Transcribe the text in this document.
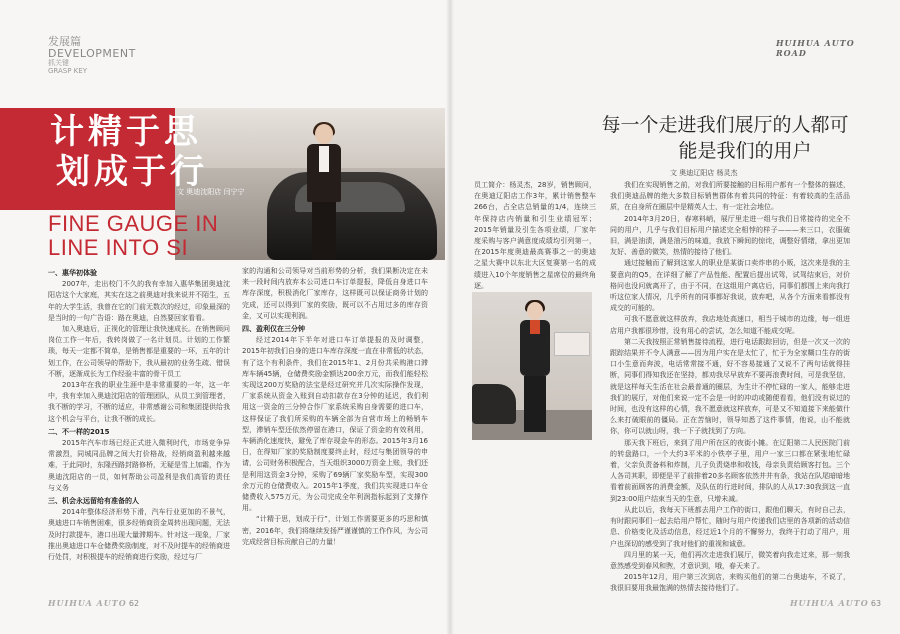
发展篇
DEVELOPMENT
抓关键
GRASP KEY
计精于思
划成于行
文 奥迪沈阳店 闫宁宁
FINE GAUGE IN
LINE INTO SI

一、惠华初体验

2007年，走出校门不久的我有幸加入惠华集团奥迪沈阳店这个大家庭，其实在这之前奥迪对我来说并不陌生，五年的大学生活，我曾在它的门前无数次的经过，印象最深的是当时的一句广告语：路在奥迪，自然要回家看看。

加入奥迪后，正视化的管理让我快速成长。在销售顾问岗位工作一年后，我转岗做了一名计划员。计划的工作繁琐，每天一定都不简单，是销售都是重要的一环，五年的计划工作，在公司领导的帮助下，我从最初的业务生疏、错误不断，逐渐成长为工作经验丰富的骨干员工

2013年在我的职业生涯中是非常重要的一年，这一年中，我有幸加入奥迪沈阳店的管理团队，从员工到管理者，我不断的学习，不断的适应，非常感谢公司和集团提供给我这个机会与平台，让我不断的成长。

二、不一样的2015

2015年汽车市场已经正式进入微利时代，市场竞争异常激烈，同城同品牌之间大打价格战，经销商盈利越来越难，于此同时，东隆西路封路修桥，无疑是雪上加霜，作为奥迪沈阳店的一员，如何帮助公司盈利是我们高管的责任 与义务

三、机会永远留给有准备的人

2014年整体经济形势下滑，汽车行业更加的不景气，奥迪进口车销售困难，很多经销商资金周转出现问题，无法及时打款提车，港口出现大量滞期车。针对这一现象，厂家推出奥迪进口车仓储费奖励制度，对不及时提车的经销商进行处罚，对积极提车的经销商进行奖励，经过与厂

家的沟通和公司领导对当前形势的分析，我们果断决定在未来一段时间内放弃本公司进口车订单提报，降低自身进口车库存深度，积极消化厂家库存，这样既可以保证商务计划的完成，还可以得到厂家的奖励，既可以不占用过多的库存资金，又可以实现利润。

四、盈利仅在三分钟

经过2014年下半年对进口车订单提报的及时调整，2015年初我们自身的进口车库存深度一直在非常低的状态，有了这个有利条件，我们在2015年1、2月份共采购港口滞库车辆45辆，仓储费奖励金额达200余万元，而我们能轻松实现这200万奖励的法宝是经过研究并几次实际操作发现，厂家系统从资金入账到自动扣款存在3分钟的延迟，我们利用这一资金的三分钟合作厂家系统采购自身需要的进口车，这样保证了我们所采购的车辆全部为自营市场上的畅销车型，滞销车型还依然停留在港口，保证了资金的有效利用，车辆消化速度快，避免了库存现金车的形态。2015年3月16日，在得知厂家的奖励制度要终止时，经过与集团领导的申请，公司财务积极配合，当天组织3000万资金上账，我们还是利用这资金3分钟，采购了69辆厂家奖励车型，实现300余万元的仓储费收入。2015年1季度，我们共实现进口车仓储费收入575万元，为公司完成全年利润指标起到了支撑作用。

“计精于思，划成于行”，计划工作需要更多的巧思和慎密，2016年，我们将继续发扬严谨谨慎的工作作风，为公司完成经营目标贡献自己的力量！

HUIHUA AUTO 62
HUIHUA AUTO
ROAD
每一个走进我们展厅的人都可
能是我们的用户
文 奥迪辽阳店 杨灵杰

员工简介：杨灵杰，28岁，销售顾问，在奥迪辽阳店工作3年，累计销售整车266台，占全店总销量的1/4，连续三年保持店内销量和引生业绩冠军；2015年销量及引生各项业绩，厂家年度采购与客户满意度成绩均引列第一，在2015年度奥迪最高赛事之一的奥迪之星大赛中以东北大区复赛第一名的成绩进入10个年度销售之星席位的最终角逐。

我们在实现销售之前，对我们所要接触的目标用户都有一个整体的描述，我们奥迪品牌的绝大多数目标销售群体有着共同的特征：有着较高的生活品质，在自身所在圈层中是精英人士，有一定社会地位。

2014年3月20日，春寒料峭，展厅里走进一组与我们日常接待的完全不同的用户，几乎与我们目标用户描述完全相悖的样子———来三口，衣服破旧，满是油渍，满是油污的味道，我放下瞬间的惊诧，调整好情绪，拿出更加友好、善意的微笑，热情的接待了他们。

通过接触而了解到这家人的职业是某街口卖炸串的小贩，这次来是我的主要意向的Q5，在详细了解了产品性能、配置后提出试驾，试驾结束后，对价格问也没问就离开了，由于不同，在这组用户离店后，同事们都围上来向我打听这位家人情况，几乎所有的同事都好我说，放弃吧，从各个方面来看都没有成交的可能的。

可我不愿意就这样放弃，我店地处高速口，相当于城市的边缘，每一组进店用户我都很珍惜，没有用心的尝试，怎么知道不能成交呢。

第二天我按照正常销售接待流程，进行电话跟踪回访，但是一次又一次的跟踪结果并不令人满意——因为用户实在是太忙了，忙于为全家糊口生存的街口小生意而奔波，电话常常接不通，好不容易接通了又说不了两句话就得挂断，同事们得知我还在坚持，都劝我尽早放弃不要再浪费时间，可是我坚信，就是这样每天生活在社会最普通的圈层，为生计不停忙碌的一家人，能够走进我们的展厅，对他们来说一定不会是一时的冲动或随便看看，他们没有说过的时间，也没有这样的心情，我不愿意就这样放弃，可是又不知道接下来能做什么来打破眼前的僵局。正在苦恼时，领导知悉了这件事情，他说，山不能就你，你可以就山呀，我一下子就找到了方向。

那天我下班后，来到了用户所在区的夜街小摊。在辽阳第二人民医院门前的转盘路口，一个大约3平米的小铁亭子里，用户一家三口都在紧张地忙碌着，父亲负责备料和炸制，儿子负责烧串和收钱，母亲负责给顾客打包。三个人各司其职，即便是平了前排着20多名顾客依然井井有条，我站在队尾暗暗地看着前面顾客的消费金额，及队伍的行进时间，排队的人从17:30我到这一直到23:00用户结束当天的生意，只增未减。

从此以后，我每天下班都去用户工作的街口，跟他们聊天，有时自己去，有时跟同事们一起去给用户帮忙，随时与用户传递我们店里的各项新的活动信息、价格变化及活动信息，经过近1个月的不懈努力，我终于打动了用户，用户也深切的感受到了我对他们的重视和诚意。

四月里的某一天，他们再次走进我们展厅，微笑着向我走过来，那一刻我意然感受到春风和煦，才意识到，哦，春天来了。

2015年12月，用户第三次到店，来购买他们的第二台奥迪车，不说了，我很旧要用我最饱满的热情去接待他们了。

HUIHUA AUTO 63
